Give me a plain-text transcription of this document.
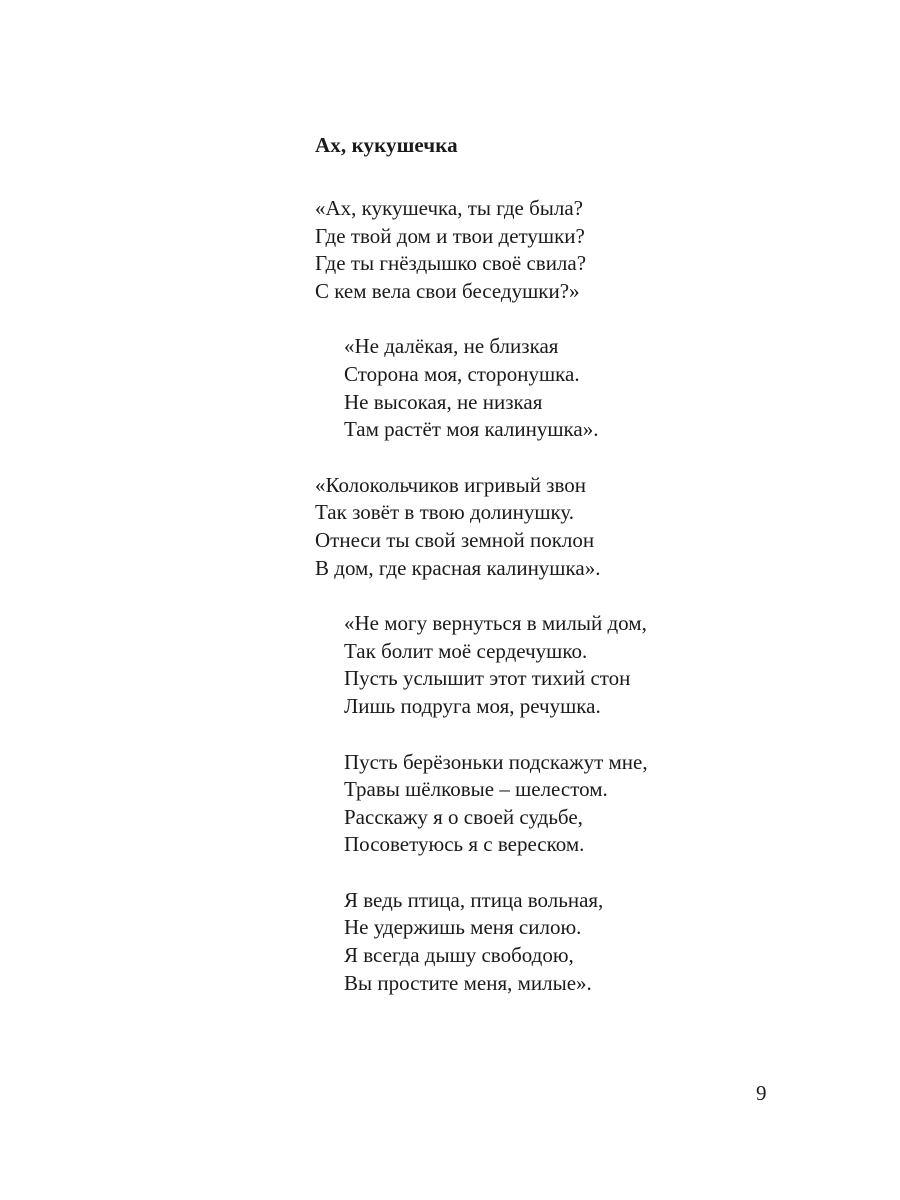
Ах, кукушечка
«Ах, кукушечка, ты где была?
Где твой дом и твои детушки?
Где ты гнёздышко своё свила?
С кем вела свои беседушки?»
«Не далёкая, не близкая
Сторона моя, сторонушка.
Не высокая, не низкая
Там растёт моя калинушка».
«Колокольчиков игривый звон
Так зовёт в твою долинушку.
Отнеси ты свой земной поклон
В дом, где красная калинушка».
«Не могу вернуться в милый дом,
Так болит моё сердечушко.
Пусть услышит этот тихий стон
Лишь подруга моя, речушка.
Пусть берёзоньки подскажут мне,
Травы шёлковые – шелестом.
Расскажу я о своей судьбе,
Посоветуюсь я с вереском.
Я ведь птица, птица вольная,
Не удержишь меня силою.
Я всегда дышу свободою,
Вы простите меня, милые».
9
